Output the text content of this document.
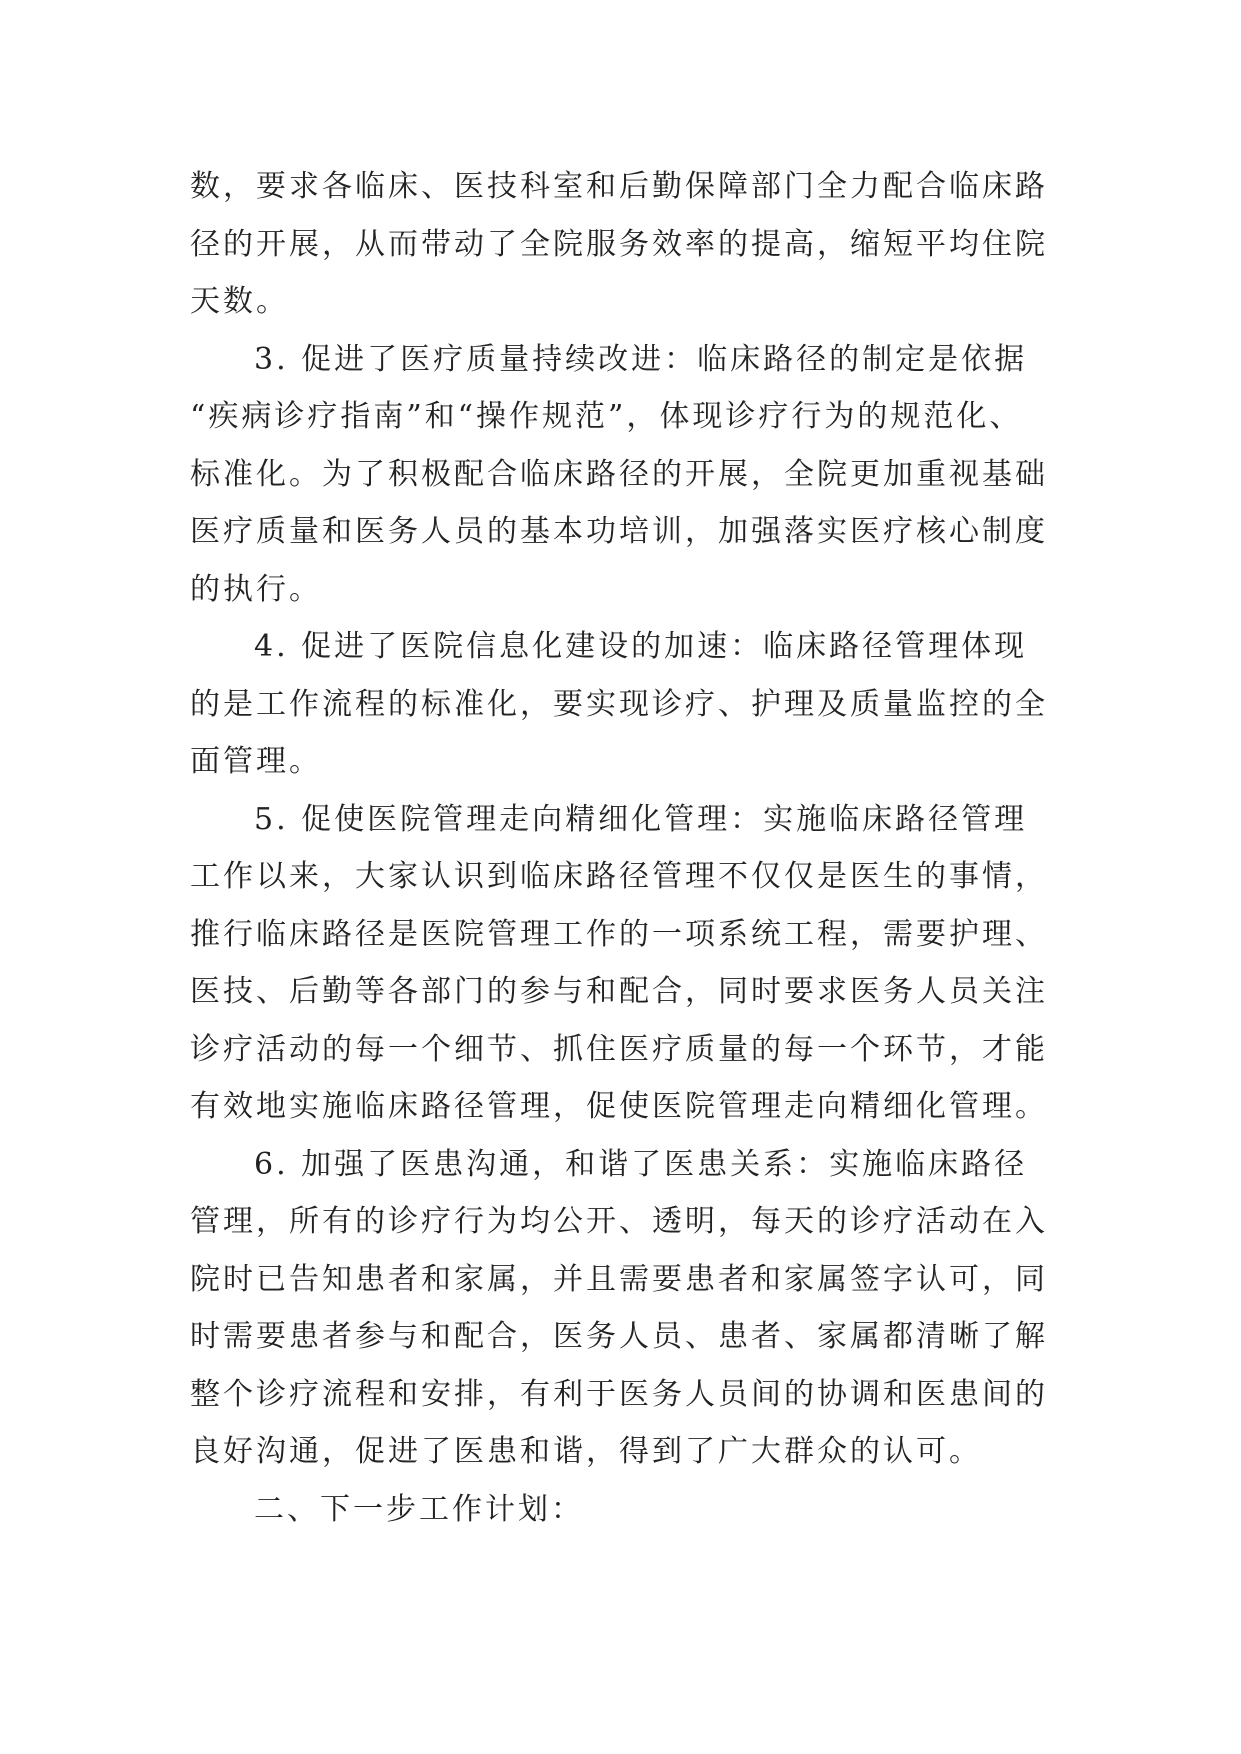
数，要求各临床、医技科室和后勤保障部门全力配合临床路
径的开展，从而带动了全院服务效率的提高，缩短平均住院
天数。
3. 促进了医疗质量持续改进：临床路径的制定是依据
“疾病诊疗指南”和“操作规范”，体现诊疗行为的规范化、
标准化。为了积极配合临床路径的开展，全院更加重视基础
医疗质量和医务人员的基本功培训，加强落实医疗核心制度
的执行。
4. 促进了医院信息化建设的加速：临床路径管理体现
的是工作流程的标准化，要实现诊疗、护理及质量监控的全
面管理。
5. 促使医院管理走向精细化管理：实施临床路径管理
工作以来，大家认识到临床路径管理不仅仅是医生的事情，
推行临床路径是医院管理工作的一项系统工程，需要护理、
医技、后勤等各部门的参与和配合，同时要求医务人员关注
诊疗活动的每一个细节、抓住医疗质量的每一个环节，才能
有效地实施临床路径管理，促使医院管理走向精细化管理。
6. 加强了医患沟通，和谐了医患关系：实施临床路径
管理，所有的诊疗行为均公开、透明，每天的诊疗活动在入
院时已告知患者和家属，并且需要患者和家属签字认可，同
时需要患者参与和配合，医务人员、患者、家属都清晰了解
整个诊疗流程和安排，有利于医务人员间的协调和医患间的
良好沟通，促进了医患和谐，得到了广大群众的认可。
二、下一步工作计划：
